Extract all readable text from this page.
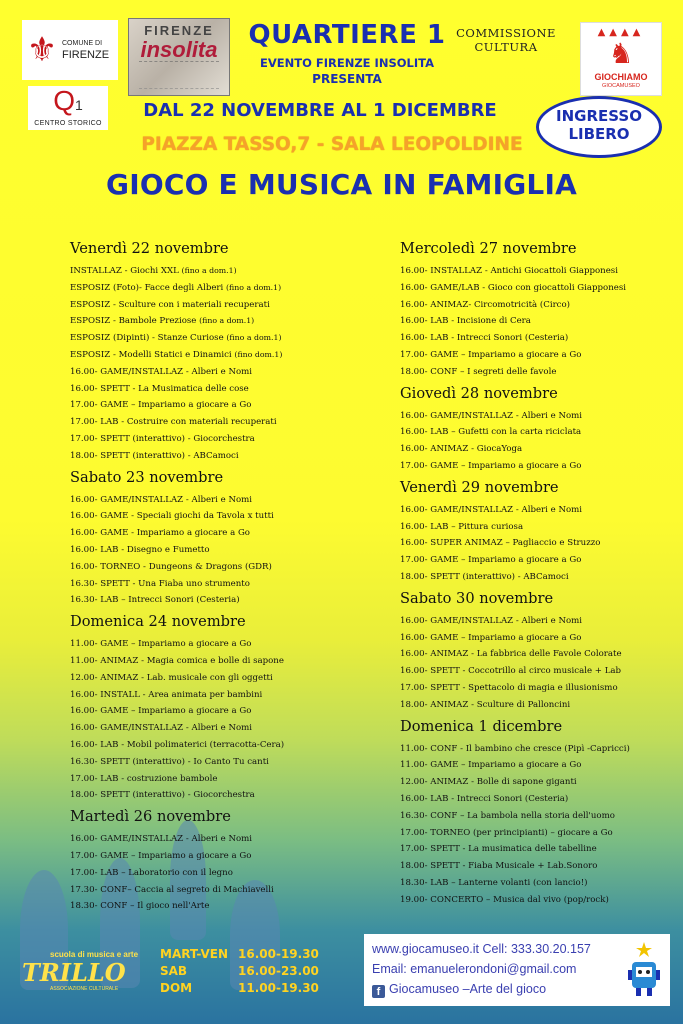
⚜ COMUNE DI
FIRENZE
Q1
CENTRO STORICO
FIRENZE
insolita	QUARTIERE 1
EVENTO FIRENZE INSOLITA
PRESENTA
COMMISSIONE
CULTURA
▲▲▲▲
♞
GIOCHIAMO
GIOCAMUSEO
DAL 22 NOVEMBRE AL 1 DICEMBRE	INGRESSO
LIBERO
PIAZZA TASSO,7 - SALA LEOPOLDINE
GIOCO E MUSICA IN FAMIGLIA
Venerdì 22 novembre
INSTALLAZ - Giochi XXL (fino a dom.1)
ESPOSIZ (Foto)- Facce degli Alberi (fino a dom.1)
ESPOSIZ - Sculture con i materiali recuperati
ESPOSIZ - Bambole Preziose (fino a dom.1)
ESPOSIZ (Dipinti) - Stanze Curiose (fino a dom.1)
ESPOSIZ - Modelli Statici e Dinamici (fino dom.1)
16.00- GAME/INSTALLAZ - Alberi e Nomi
16.00- SPETT - La Musimatica delle cose
17.00- GAME – Impariamo a giocare a Go
17.00- LAB - Costruire con materiali recuperati
17.00- SPETT (interattivo) - Giocorchestra
18.00- SPETT (interattivo) - ABCamoci
Sabato 23 novembre
16.00- GAME/INSTALLAZ - Alberi e Nomi
16.00- GAME - Speciali giochi da Tavola x tutti
16.00- GAME - Impariamo a giocare a Go
16.00- LAB - Disegno e Fumetto
16.00- TORNEO - Dungeons & Dragons (GDR)
16.30- SPETT - Una Fiaba uno strumento
16.30- LAB – Intrecci Sonori (Cesteria)
Domenica 24 novembre
11.00- GAME – Impariamo a giocare a Go
11.00- ANIMAZ - Magia comica e bolle di sapone
12.00- ANIMAZ - Lab. musicale con gli oggetti
16.00- INSTALL - Area animata per bambini
16.00- GAME – Impariamo a giocare a Go
16.00- GAME/INSTALLAZ - Alberi e Nomi
16.00- LAB - Mobil polimaterici (terracotta-Cera)
16.30- SPETT (interattivo) - Io Canto Tu canti
17.00- LAB - costruzione bambole
18.00- SPETT (interattivo) - Giocorchestra
Martedì 26 novembre
16.00- GAME/INSTALLAZ - Alberi e Nomi
17.00- GAME – Impariamo a giocare a Go
17.00- LAB – Laboratorio con il legno
17.30- CONF– Caccia al segreto di Machiavelli
18.30- CONF – Il gioco nell'Arte
Mercoledì 27 novembre
16.00- INSTALLAZ - Antichi Giocattoli Giapponesi
16.00- GAME/LAB - Gioco con giocattoli Giapponesi
16.00- ANIMAZ- Circomotricità (Circo)
16.00- LAB - Incisione di Cera
16.00- LAB - Intrecci Sonori (Cesteria)
17.00- GAME – Impariamo a giocare a Go
18.00- CONF – I segreti delle favole
Giovedì 28 novembre
16.00- GAME/INSTALLAZ - Alberi e Nomi
16.00- LAB – Gufetti con la carta riciclata
16.00- ANIMAZ - GiocaYoga
17.00- GAME – Impariamo a giocare a Go
Venerdì 29 novembre
16.00- GAME/INSTALLAZ - Alberi e Nomi
16.00- LAB – Pittura curiosa
16.00- SUPER ANIMAZ – Pagliaccio e Struzzo
17.00- GAME – Impariamo a giocare a Go
18.00- SPETT (interattivo) - ABCamoci
Sabato 30 novembre
16.00- GAME/INSTALLAZ - Alberi e Nomi
16.00- GAME – Impariamo a giocare a Go
16.00- ANIMAZ - La fabbrica delle Favole Colorate
16.00- SPETT - Coccotrillo al circo musicale + Lab
17.00- SPETT - Spettacolo di magia e illusionismo
18.00- ANIMAZ - Sculture di Palloncini
Domenica 1 dicembre
11.00- CONF - Il bambino che cresce (Pipì -Capricci)
11.00- GAME – Impariamo a giocare a Go
12.00- ANIMAZ - Bolle di sapone giganti
16.00- LAB - Intrecci Sonori (Cesteria)
16.30- CONF – La bambola nella storia dell'uomo
17.00- TORNEO (per principianti) – giocare a Go
17.00- SPETT - La musimatica delle tabelline
18.00- SPETT - Fiaba Musicale + Lab.Sonoro
18.30- LAB – Lanterne volanti (con lancio!)
19.00- CONCERTO – Musica dal vivo (pop/rock)
scuola di musica e arte
TRILLO
ASSOCIAZIONE CULTURALE
MART-VEN 16.00-19.30
SAB	16.00-23.00
DOM	11.00-19.30
www.giocamuseo.it Cell: 333.30.20.157
Email: emanuelerondoni@gmail.com
f Giocamuseo –Arte del gioco
